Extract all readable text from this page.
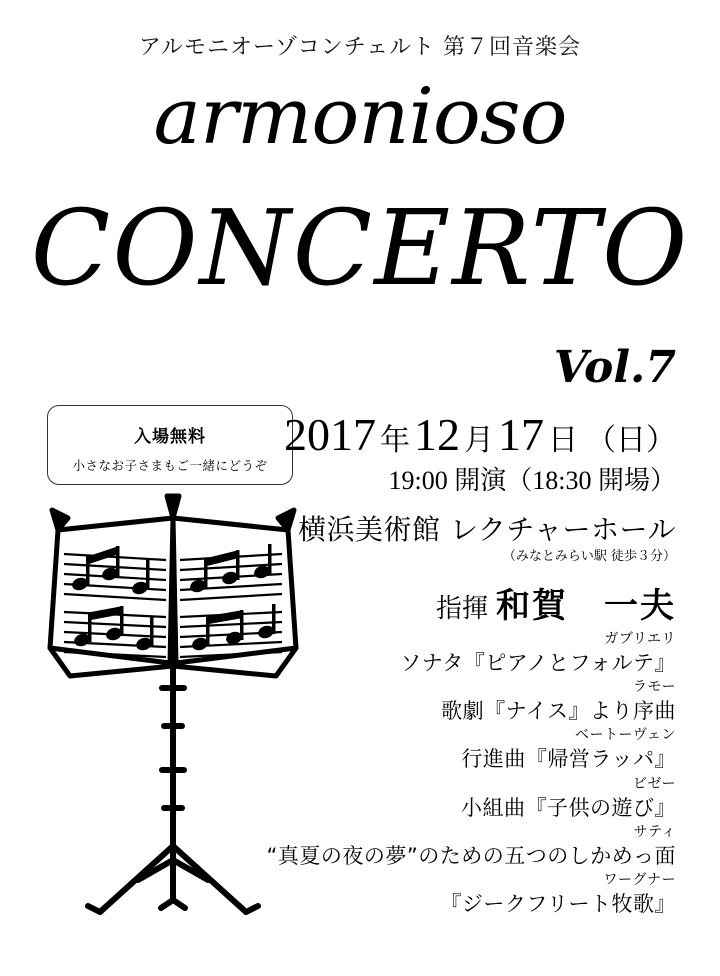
アルモニオーゾコンチェルト 第７回音楽会
armonioso
CONCERTO
Vol.7
入場無料
小さなお子さまもご一緒にどうぞ
2017 年12 月17 日 （日）
19:00 開演（18:30 開場）
横浜美術館 レクチャーホール
（みなとみらい駅 徒歩３分）
指揮 和賀　一夫
ガブリエリ
ソナタ『ピアノとフォルテ』
ラモー
歌劇『ナイス』より序曲
ベートーヴェン
行進曲『帰営ラッパ』
ビゼー
小組曲『子供の遊び』
サティ
“真夏の夜の夢”のための五つのしかめっ面
ワーグナー
『ジークフリート牧歌』
